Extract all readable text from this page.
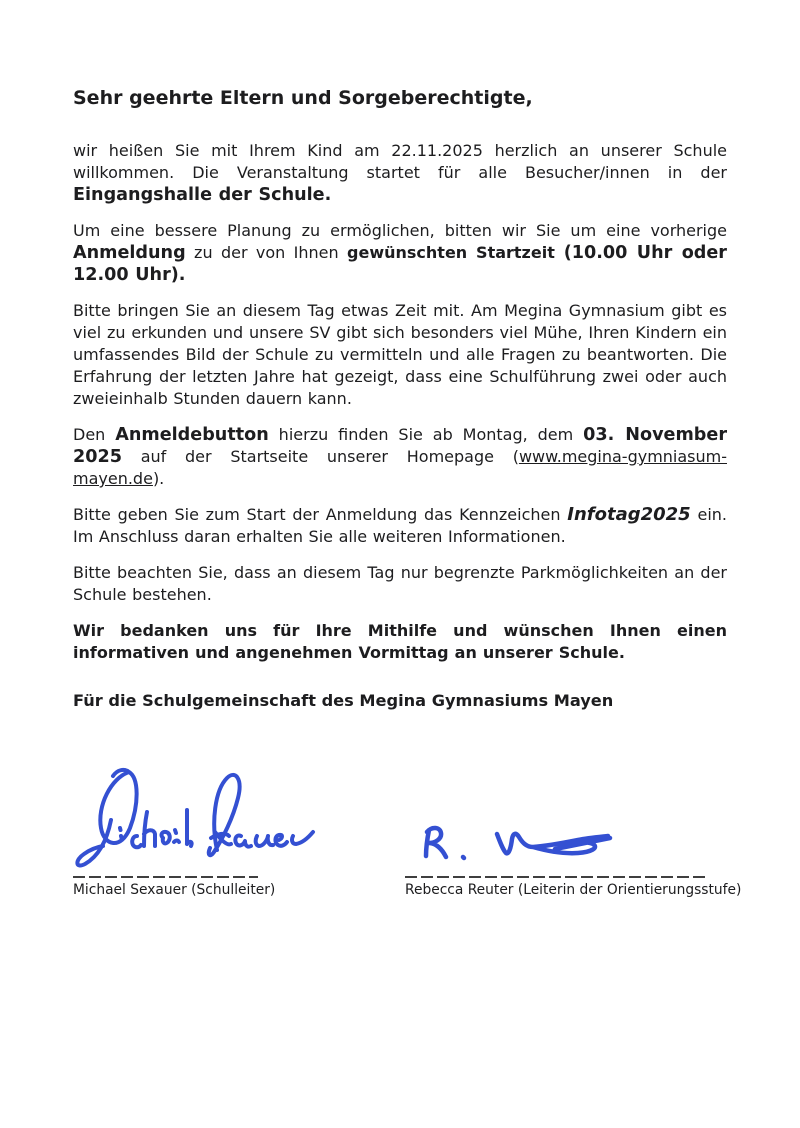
Sehr geehrte Eltern und Sorgeberechtigte,

wir heißen Sie mit Ihrem Kind am 22.11.2025 herzlich an unserer Schule willkommen. Die Veranstaltung startet für alle Besucher/innen in der Eingangshalle der Schule.

Um eine bessere Planung zu ermöglichen, bitten wir Sie um eine vorherige Anmeldung zu der von Ihnen gewünschten Startzeit (10.00 Uhr oder 12.00 Uhr).

Bitte bringen Sie an diesem Tag etwas Zeit mit. Am Megina Gymnasium gibt es viel zu erkunden und unsere SV gibt sich besonders viel Mühe, Ihren Kindern ein umfassendes Bild der Schule zu vermitteln und alle Fragen zu beantworten. Die Erfahrung der letzten Jahre hat gezeigt, dass eine Schulführung zwei oder auch zweieinhalb Stunden dauern kann.

Den Anmeldebutton hierzu finden Sie ab Montag, dem 03. November 2025 auf der Startseite unserer Homepage (www.megina-gymniasum-mayen.de).

Bitte geben Sie zum Start der Anmeldung das Kennzeichen Infotag2025 ein. Im Anschluss daran erhalten Sie alle weiteren Informationen.

Bitte beachten Sie, dass an diesem Tag nur begrenzte Parkmöglichkeiten an der Schule bestehen.

Wir bedanken uns für Ihre Mithilfe und wünschen Ihnen einen informativen und angenehmen Vormittag an unserer Schule.

Für die Schulgemeinschaft des Megina Gymnasiums Mayen
Michael Sexauer (Schulleiter)	Rebecca Reuter (Leiterin der Orientierungsstufe)
